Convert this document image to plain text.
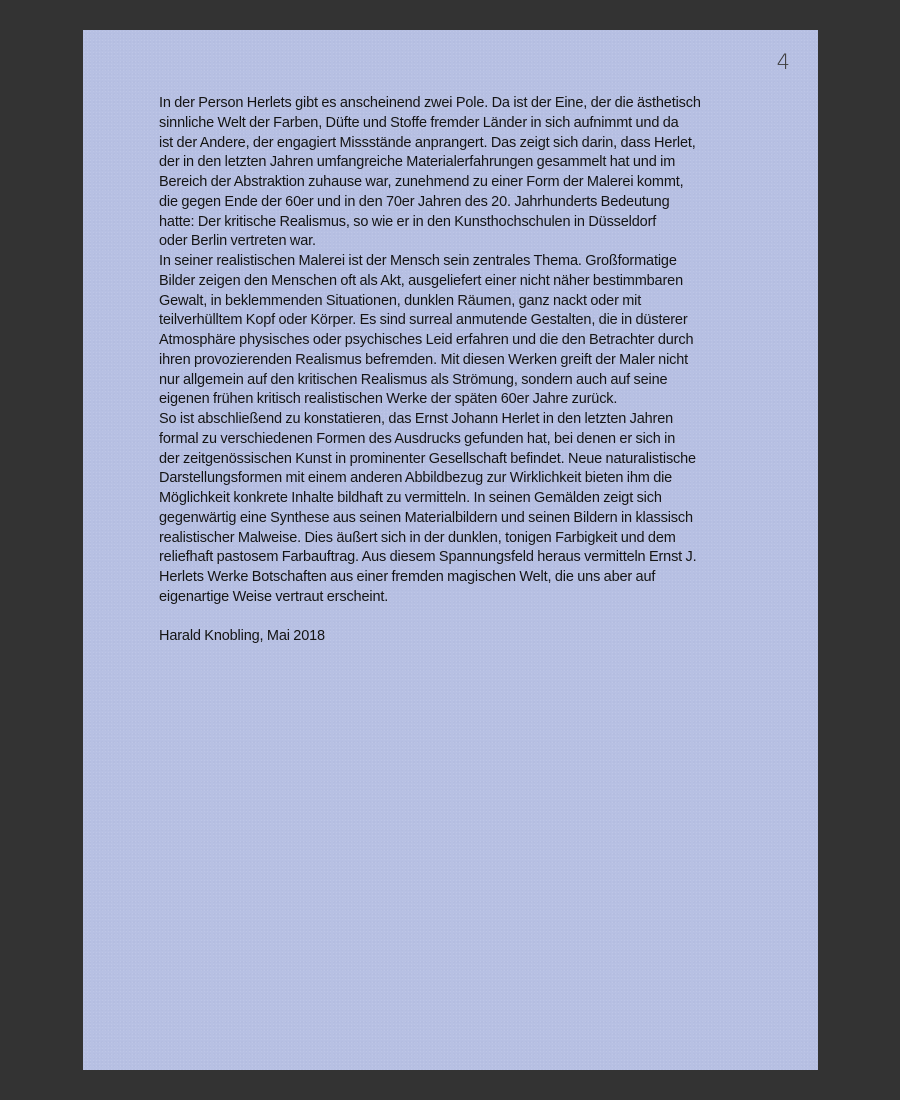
4

In der Person Herlets gibt es anscheinend zwei Pole. Da ist der Eine, der die ästhetisch

sinnliche Welt der Farben, Düfte und Stoffe fremder Länder in sich aufnimmt und da

ist der Andere, der engagiert Missstände anprangert. Das zeigt sich darin, dass Herlet,

der in den letzten Jahren umfangreiche Materialerfahrungen gesammelt hat und im

Bereich der Abstraktion zuhause war, zunehmend zu einer Form der Malerei kommt,

die gegen Ende der 60er und in den 70er Jahren des 20. Jahrhunderts Bedeutung

hatte: Der kritische Realismus, so wie er in den Kunsthochschulen in Düsseldorf

oder Berlin vertreten war.

In seiner realistischen Malerei ist der Mensch sein zentrales Thema. Großformatige

Bilder zeigen den Menschen oft als Akt, ausgeliefert einer nicht näher bestimmbaren

Gewalt, in beklemmenden Situationen, dunklen Räumen, ganz nackt oder mit

teilverhülltem Kopf oder Körper. Es sind surreal anmutende Gestalten, die in düsterer

Atmosphäre physisches oder psychisches Leid erfahren und die den Betrachter durch

ihren provozierenden Realismus befremden. Mit diesen Werken greift der Maler nicht

nur allgemein auf den kritischen Realismus als Strömung, sondern auch auf seine

eigenen frühen kritisch realistischen Werke der späten 60er Jahre zurück.

So ist abschließend zu konstatieren, das Ernst Johann Herlet in den letzten Jahren

formal zu verschiedenen Formen des Ausdrucks gefunden hat, bei denen er sich in

der zeitgenössischen Kunst in prominenter Gesellschaft befindet. Neue naturalistische

Darstellungsformen mit einem anderen Abbildbezug zur Wirklichkeit bieten ihm die

Möglichkeit konkrete Inhalte bildhaft zu vermitteln. In seinen Gemälden zeigt sich

gegenwärtig eine Synthese aus seinen Materialbildern und seinen Bildern in klassisch

realistischer Malweise. Dies äußert sich in der dunklen, tonigen Farbigkeit und dem

reliefhaft pastosem Farbauftrag. Aus diesem Spannungsfeld heraus vermitteln Ernst J.

Herlets Werke Botschaften aus einer fremden magischen Welt, die uns aber auf

eigenartige Weise vertraut erscheint.

Harald Knobling, Mai 2018
